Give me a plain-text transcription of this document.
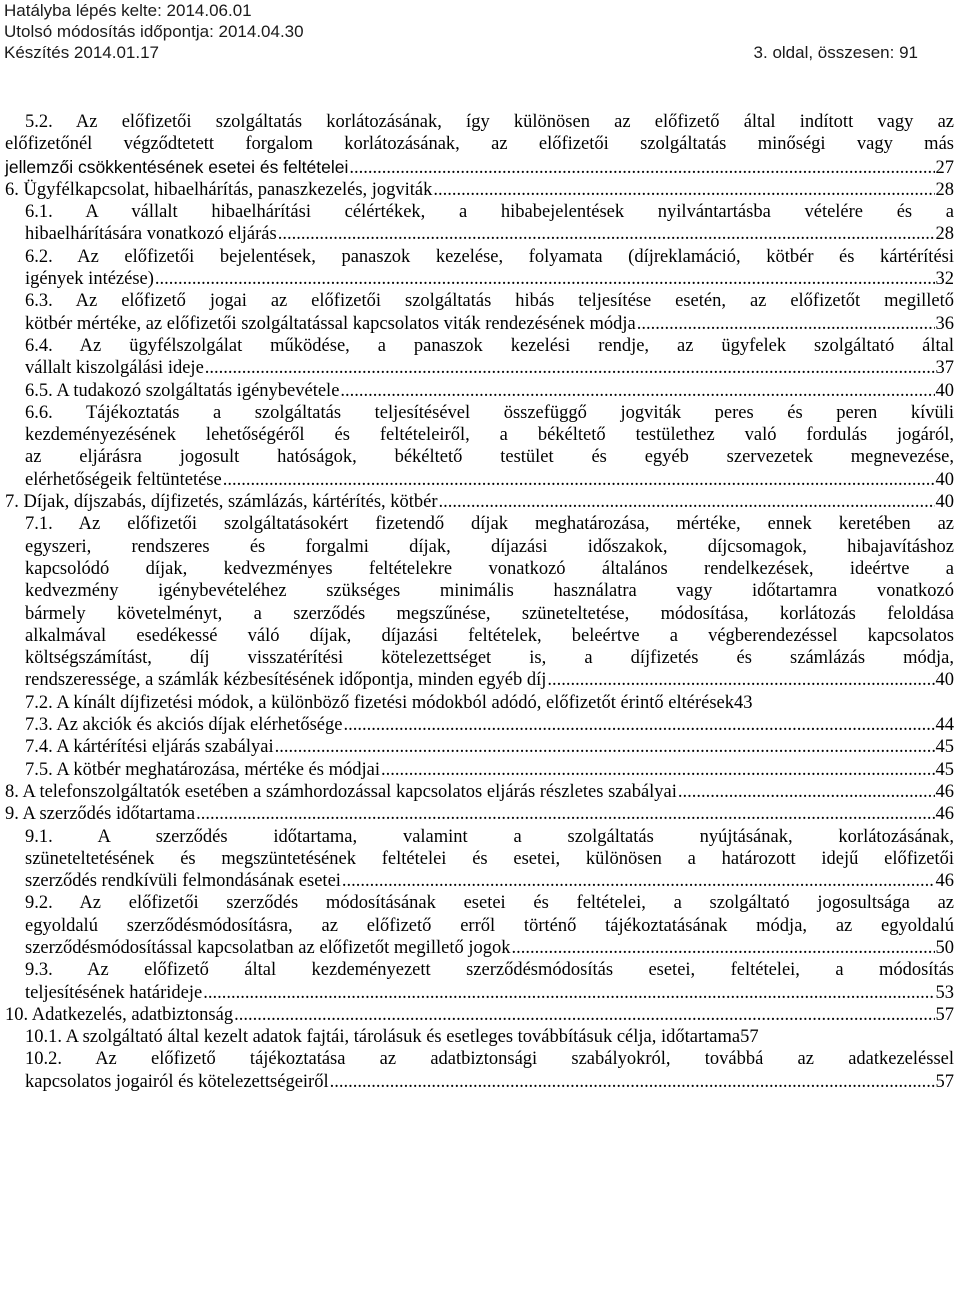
Hatályba lépés kelte: 2014.06.01
Utolsó módosítás időpontja: 2014.04.30
Készítés 2014.01.17	3. oldal, összesen: 91
5.2. Az előfizetői szolgáltatás korlátozásának, így különösen az előfizető által indított vagy az
előfizetőnél végződtetett forgalom korlátozásának, az előfizetői szolgáltatás minőségi vagy más
jellemzői csökkentésének esetei és feltételei .....	27
6. Ügyfélkapcsolat, hibaelhárítás, panaszkezelés, jogviták .....	28
6.1. A vállalt hibaelhárítási célértékek, a hibabejelentések nyilvántartásba vételére és a
hibaelhárítására vonatkozó eljárás .....	28
6.2. Az előfizetői bejelentések, panaszok kezelése, folyamata (díjreklamáció, kötbér és kártérítési
igények intézése) .....	32
6.3. Az előfizető jogai az előfizetői szolgáltatás hibás teljesítése esetén, az előfizetőt megillető
kötbér mértéke, az előfizetői szolgáltatással kapcsolatos viták rendezésének módja .....	36
6.4. Az ügyfélszolgálat működése, a panaszok kezelési rendje, az ügyfelek szolgáltató által
vállalt kiszolgálási ideje .....	37
6.5. A tudakozó szolgáltatás igénybevétele .....	40
6.6. Tájékoztatás a szolgáltatás teljesítésével összefüggő jogviták peres és peren kívüli
kezdeményezésének lehetőségéről és feltételeiről, a békéltető testülethez való fordulás jogáról,
az eljárásra jogosult hatóságok, békéltető testület és egyéb szervezetek megnevezése,
elérhetőségeik feltüntetése .....	40
7. Díjak, díjszabás, díjfizetés, számlázás, kártérítés, kötbér .....	40
7.1. Az előfizetői szolgáltatásokért fizetendő díjak meghatározása, mértéke, ennek keretében az
egyszeri, rendszeres és forgalmi díjak, díjazási időszakok, díjcsomagok, hibajavításhoz
kapcsolódó díjak, kedvezményes feltételekre vonatkozó általános rendelkezések, ideértve a
kedvezmény igénybevételéhez szükséges minimális használatra vagy időtartamra vonatkozó
bármely követelményt, a szerződés megszűnése, szüneteltetése, módosítása, korlátozás feloldása
alkalmával esedékessé váló díjak, díjazási feltételek, beleértve a végberendezéssel kapcsolatos
költségszámítást, díj visszatérítési kötelezettséget is, a díjfizetés és számlázás módja,
rendszeressége, a számlák kézbesítésének időpontja, minden egyéb díj .....	40
7.2. A kínált díjfizetési módok, a különböző fizetési módokból adódó, előfizetőt érintő eltérések 43
7.3. Az akciók és akciós díjak elérhetősége .....	44
7.4. A kártérítési eljárás szabályai .....	45
7.5. A kötbér meghatározása, mértéke és módjai .....	45
8. A telefonszolgáltatók esetében a számhordozással kapcsolatos eljárás részletes szabályai .....	46
9. A szerződés időtartama .....	46
9.1. A szerződés időtartama, valamint a szolgáltatás nyújtásának, korlátozásának,
szüneteltetésének és megszüntetésének feltételei és esetei, különösen a határozott idejű előfizetői
szerződés rendkívüli felmondásának esetei .....	46
9.2. Az előfizetői szerződés módosításának esetei és feltételei, a szolgáltató jogosultsága az
egyoldalú szerződésmódosításra, az előfizető erről történő tájékoztatásának módja, az egyoldalú
szerződésmódosítással kapcsolatban az előfizetőt megillető jogok .....	50
9.3. Az előfizető által kezdeményezett szerződésmódosítás esetei, feltételei, a módosítás
teljesítésének határideje .....	53
10. Adatkezelés, adatbiztonság .....	57
10.1. A szolgáltató által kezelt adatok fajtái, tárolásuk és esetleges továbbításuk célja, időtartama 57
10.2. Az előfizető tájékoztatása az adatbiztonsági szabályokról, továbbá az adatkezeléssel
kapcsolatos jogairól és kötelezettségeiről .....	57
